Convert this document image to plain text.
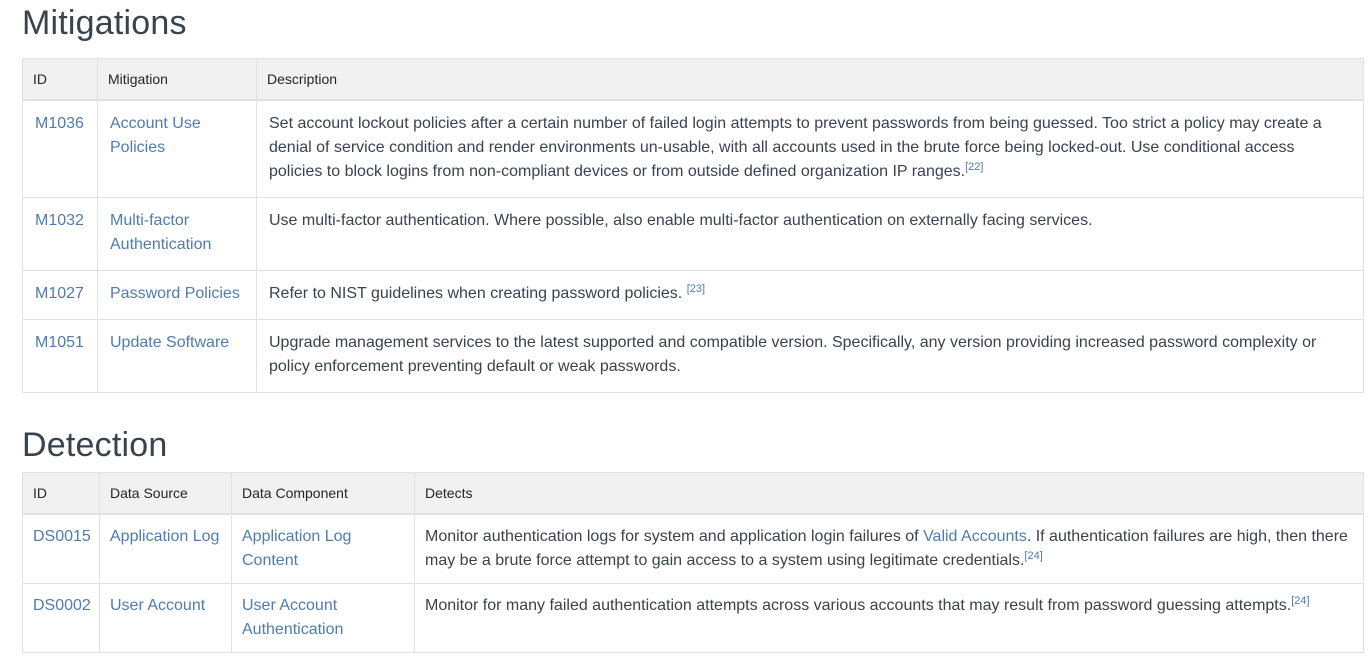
Mitigations
ID	Mitigation	Description
M1036	Account Use Policies	Set account lockout policies after a certain number of failed login attempts to prevent passwords from being guessed. Too strict a policy may create a denial of service condition and render environments un-usable, with all accounts used in the brute force being locked-out. Use conditional access policies to block logins from non-compliant devices or from outside defined organization IP ranges.[22]
M1032	Multi-factor Authentication	Use multi-factor authentication. Where possible, also enable multi-factor authentication on externally facing services.
M1027	Password Policies	Refer to NIST guidelines when creating password policies. [23]
M1051	Update Software	Upgrade management services to the latest supported and compatible version. Specifically, any version providing increased password complexity or policy enforcement preventing default or weak passwords.
Detection
ID	Data Source	Data Component	Detects
DS0015	Application Log	Application Log Content	Monitor authentication logs for system and application login failures of Valid Accounts. If authentication failures are high, then there may be a brute force attempt to gain access to a system using legitimate credentials.[24]
DS0002	User Account	User Account Authentication	Monitor for many failed authentication attempts across various accounts that may result from password guessing attempts.[24]
